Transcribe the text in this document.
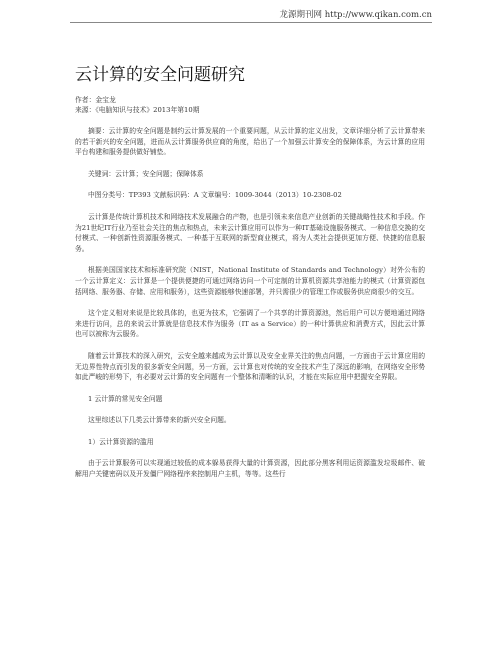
龙源期刊网 http://www.qikan.com.cn
云计算的安全问题研究

作者：金宝龙

来源：《电脑知识与技术》2013年第10期

摘要：云计算的安全问题是制约云计算发展的一个重要问题，从云计算的定义出发，文章详细分析了云计算带来的若干新兴的安全问题，进而从云计算服务供应商的角度，给出了一个加强云计算安全的保障体系，为云计算的应用平台构建和服务提供做好铺垫。

关键词：云计算；安全问题；保障体系

中图分类号：TP393 文献标识码：A 文章编号：1009-3044（2013）10-2308-02

云计算是传统计算机技术和网络技术发展融合的产物，也是引领未来信息产业创新的关键战略性技术和手段。作为21世纪IT行业乃至社会关注的焦点和热点，未来云计算应用可以作为一种IT基础设施服务模式、一种信息交换的交付模式、一种创新性资源服务模式、一种基于互联网的新型商业模式，将为人类社会提供更加方便、快捷的信息服务。

根据美国国家技术和标准研究院（NIST，National Institute of Standards and Technology）对外公布的一个云计算定义：云计算是一个提供便捷的可通过网络访问一个可定制的计算机资源共享池能力的模式（计算资源包括网络、服务器、存储、应用和服务），这些资源能够快速部署，并只需很少的管理工作或服务供应商很少的交互。

这个定义相对来说是比较具体的，也更为技术，它强调了一个共享的计算资源池，然后用户可以方便地通过网络来进行访问，总的来说云计算就是信息技术作为服务（IT as a Service）的一种计算供应和消费方式，因此云计算也可以被称为云服务。

随着云计算技术的深入研究，云安全越来越成为云计算以及安全业界关注的焦点问题，一方面由于云计算应用的无边界性特点而引发的很多新安全问题，另一方面，云计算也对传统的安全技术产生了深远的影响，在网络安全形势如此严峻的形势下，有必要对云计算的安全问题有一个整体和清晰的认识，才能在实际应用中把握安全界限。

1 云计算的常见安全问题

这里综述以下几类云计算带来的新兴安全问题。

1）云计算资源的滥用

由于云计算服务可以实现通过较低的成本躲易获得大量的计算资源，因此部分黑客利用运资源滥发垃圾邮件、破解用户关键密码以及开发僵尸网络程序来控制用户主机，等等。这些行
